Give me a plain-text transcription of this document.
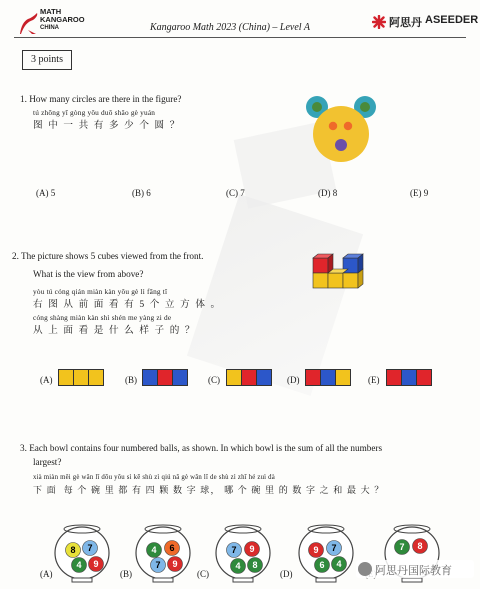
MATH
KANGAROO
CHINA	Kangaroo Math 2023 (China) – Level A	阿思丹 ASEEDER
3 points
1. How many circles are there in the figure?
tú zhōng yī gòng yǒu duō shǎo gè yuán
图 中 一 共 有 多 少 个 圆 ？
(A) 5	(B) 6	(C) 7	(D) 8	(E) 9
2. The picture shows 5 cubes viewed from the front.
What is the view from above?
yòu tú cóng qián miàn kàn yǒu gè lì fāng tǐ
右 图 从 前 面 看 有 5 个 立 方 体 。
cóng shàng miàn kàn shì shén me yàng zi de
从 上 面 看 是 什 么 样 子 的 ？
(A)	(B)	(C)	(D)	(E)
3. Each bowl contains four numbered balls, as shown. In which bowl is the sum of all the numbers
largest?
xià miàn měi gè wǎn lǐ dōu yǒu sì kē shù zì qiú nǎ gè wǎn lǐ de shù zì zhī hé zuì dà
下 面  每 个 碗 里 都 有 四 颗 数 字 球， 哪 个 碗 里 的 数 字 之 和 最 大 ？
(A)	(B)	(C)	(D)
8 7
4 9
4 6
7 9
7 9
4 8
9 7
6 4
7 8
阿思丹国际教育
